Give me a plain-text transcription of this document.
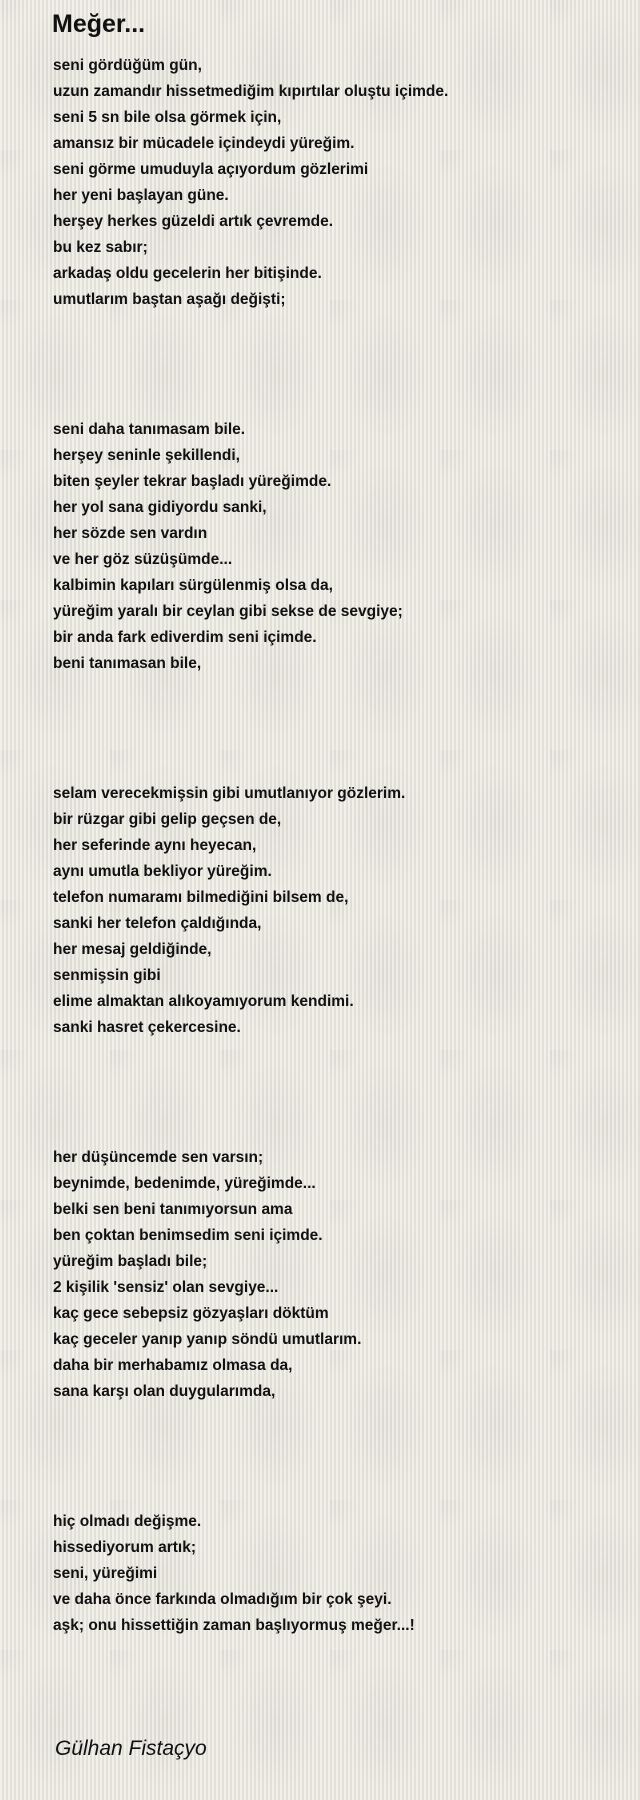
Meğer...
seni gördüğüm gün,
uzun zamandır hissetmediğim kıpırtılar oluştu içimde.
seni 5 sn bile olsa görmek için,
amansız bir mücadele içindeydi yüreğim.
seni görme umuduyla açıyordum gözlerimi
her yeni başlayan güne.
herşey herkes güzeldi artık çevremde.
bu kez sabır;
arkadaş oldu gecelerin her bitişinde.
umutlarım baştan aşağı değişti;
seni daha tanımasam bile.
herşey seninle şekillendi,
biten şeyler tekrar başladı yüreğimde.
her yol sana gidiyordu sanki,
her sözde sen vardın
ve her göz süzüşümde...
kalbimin kapıları sürgülenmiş olsa da,
yüreğim yaralı bir ceylan gibi sekse de sevgiye;
bir anda fark ediverdim seni içimde.
beni tanımasan bile,
selam verecekmişsin gibi umutlanıyor gözlerim.
bir rüzgar gibi gelip geçsen de,
her seferinde aynı heyecan,
aynı umutla bekliyor yüreğim.
telefon numaramı bilmediğini bilsem de,
sanki her telefon çaldığında,
her mesaj geldiğinde,
senmişsin gibi
elime almaktan alıkoyamıyorum kendimi.
sanki hasret çekercesine.
her düşüncemde sen varsın;
beynimde, bedenimde, yüreğimde...
belki sen beni tanımıyorsun ama
ben çoktan benimsedim seni içimde.
yüreğim başladı bile;
2 kişilik 'sensiz' olan sevgiye...
kaç gece sebepsiz gözyaşları döktüm
kaç geceler yanıp yanıp söndü umutlarım.
daha bir merhabamız olmasa da,
sana karşı olan duygularımda,
hiç olmadı değişme.
hissediyorum artık;
seni, yüreğimi
ve daha önce farkında olmadığım bir çok şeyi.
aşk; onu hissettiğin zaman başlıyormuş meğer...!
Gülhan Fistaçyo
